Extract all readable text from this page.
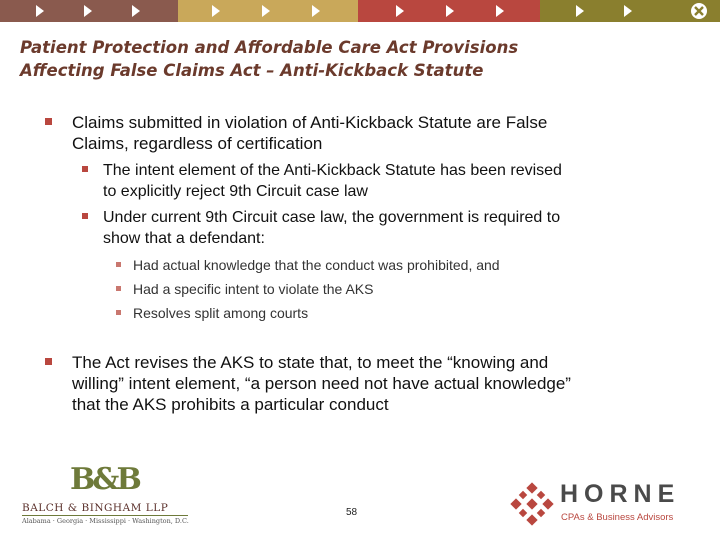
Patient Protection and Affordable Care Act Provisions
Affecting False Claims Act – Anti-Kickback Statute
Claims submitted in violation of Anti-Kickback Statute are False
Claims, regardless of certification
The intent element of the Anti-Kickback Statute has been revised
to explicitly reject 9th Circuit case law
Under current 9th Circuit case law, the government is required to
show that a defendant:
Had actual knowledge that the conduct was prohibited, and
Had a specific intent to violate the AKS
Resolves split among courts
The Act revises the AKS to state that, to meet the “knowing and
willing” intent element, “a person need not have actual knowledge”
that the AKS prohibits a particular conduct
B&B
BALCH & BINGHAM LLP
Alabama · Georgia · Mississippi · Washington, D.C.
58
HORNE
CPAs & Business Advisors
